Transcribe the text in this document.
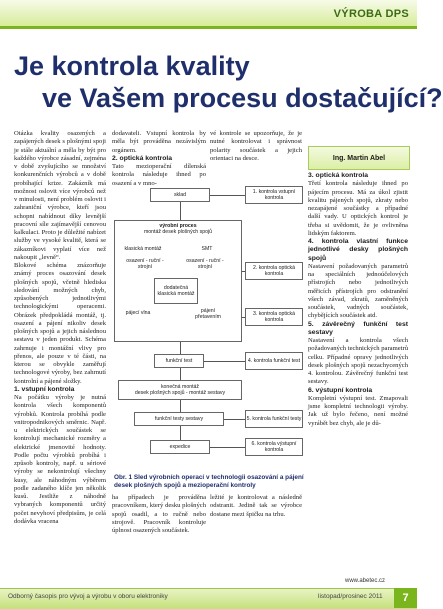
VÝROBA DPS
Je kontrola kvality
ve Vašem procesu dostačující?

Otázka kvality osazených a zapájených desek s plošnými spoji je stále aktuální a měla by být pro každého výrobce zásadní, zejména v době zvyšujícího se množství konkurenčních výrobců a v době probíhající krize. Zakázník má možnost oslovit více výrobců než v minulosti, není problém oslovit i zahraniční výrobce, kteří jsou schopni nabídnout díky levnější pracovní síle zajímavější cenovou kalkulaci. Proto je důležité nabízet služby ve vysoké kvalitě, která se zákazníkovi vyplatí více než nakoupit „levně“.

Blokové schéma znázorňuje známý proces osazování desek plošných spojů, včetně hlediska sledování možných chyb, způsobených jednotlivými technologickými operacemi. Obrázek předpokládá montáž, tj. osazení a pájení nikoliv desek plošných spojů a jejich následnou sestavu v jeden produkt. Schéma zahrnuje i montážní vlivy pro přenos, ale pouze v té části, na kterou se obvykle zaměřují technologové výroby, bez zahrnutí kontrolní a pájené složky.

1. vstupní kontrola

Na počátku výroby je nutná kontrola všech komponentů výrobků. Kontrola probíhá podle vnitropodnikových směrnic. Např. u elektrických součástek se kontrolují mechanické rozměry a elektrické jmenovité hodnoty. Podle počtu výrobků probíhá i způsob kontroly, např. u sériové výroby se nekontrolují všechny kusy, ale náhodným výběrem podle zadaného klíče jen několik kusů. Jestliže z náhodně vybraných komponentů určitý počet nevyhoví předpisům, je celá dodávka vracena

dodavateli. Vstupní kontrola by měla být prováděna nezávislým orgánem.

2. optická kontrola

Tato mezioperační dílenská kontrola následuje ihned po osazení a v mno-

vé kontrole se upozorňuje, že je nutné kontrolovat i správnost polarity součástek a jejich orientaci na desce.	Ing. Martin Abel

3. optická kontrola

Třetí kontrola následuje ihned po pájecím procesu. Má za úkol zjistit kvalitu pájených spojů, zkraty nebo nezapájené součástky a případné další vady. U optických kontrol je třeba si uvědomit, že je ovlivněna lidským faktorem.

4. kontrola vlastní funkce jednotlivé desky plošných spojů

Nastavení požadovaných parametrů na speciálních jednoúčelových přístrojích nebo jednotlivých měřicích přístrojích pro odstranění všech závad, zkratů, zaměněných součástek, vadných součástek, chybějících součástek atd.

5. závěrečný funkční test sestavy

Nastavení a kontrola všech požadovaných technických parametrů celku. Případné opravy jednotlivých desek plošných spojů nezachycených 4. kontrolou. Závěrečný funkční test sestavy.

6. výstupní kontrola

Kompletní výstupní test. Zmapovali jsme kompletní technologii výroby. Jak už bylo řečeno, není možné vyrábět bez chyb, ale je dů-

sklad	1. kontrola vstupní kontrola
výrobní proces
montáž desek plošných spojů
klasická montáž	SMT
osazení - ruční - strojní
osazení - ruční - strojní	2. kontrola optická kontrola
dodatečná klasická montáž
pájecí vlna	pájení přetavením	3. kontrola optická kontrola
funkční test	4. kontrola funkční test
konečná montáž
desek plošných spojů - montáž sestavy
funkční testy sestavy	5. kontrola funkční testy
expedice	6. kontrola výstupní kontrola
Obr. 1 Sled výrobních operací v technologii osazování a pájení desek plošných spojů a mezioperační kontroly

ha případech je prováděna pracovníkem, který desku plošných spojů osadil, a to ručně nebo strojově. Pracovník kontroluje úplnost osazených součástek.

ležité je kontrolovat a následně odstranit. Jedině tak se výrobce dostane mezi špičku na trhu.

www.abetec.cz
Odborný časopis pro vývoj a výrobu v oboru elektroniky	listopad/prosinec 2011	7
